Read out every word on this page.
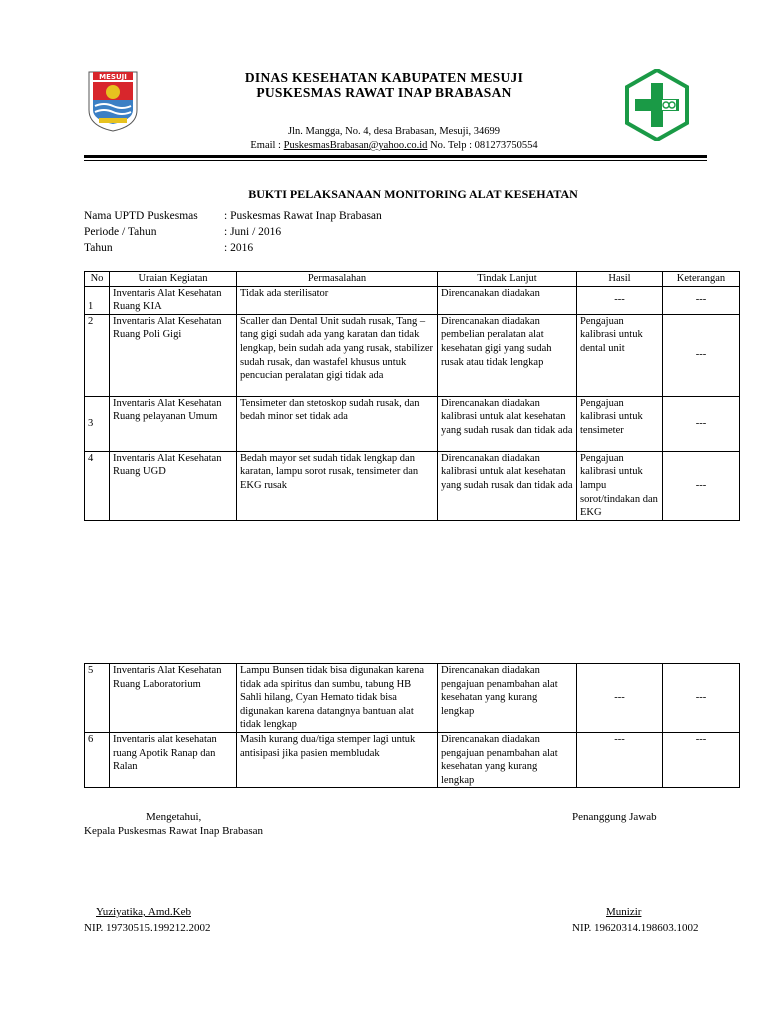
MESUJI	DINAS KESEHATAN KABUPATEN MESUJI
PUSKESMAS RAWAT INAP BRABASAN
Jln. Mangga, No. 4, desa Brabasan, Mesuji, 34699
Email : PuskesmasBrabasan@yahoo.co.id No. Telp : 081273750554
BUKTI PELAKSANAAN MONITORING ALAT KESEHATAN
Nama UPTD Puskesmas : Puskesmas Rawat Inap Brabasan
Periode / Tahun	: Juni / 2016
Tahun	: 2016
No	Uraian Kegiatan	Permasalahan	Tindak Lanjut	Hasil	Keterangan
1	Inventaris Alat Kesehatan Ruang KIA	Tidak ada sterilisator	Direncanakan diadakan	---	---
2	Inventaris Alat Kesehatan Ruang Poli Gigi	Scaller dan Dental Unit sudah rusak, Tang – tang gigi sudah ada yang karatan dan tidak lengkap, bein sudah ada yang rusak, stabilizer sudah rusak, dan wastafel khusus untuk pencucian peralatan gigi tidak ada	Direncanakan diadakan pembelian peralatan alat kesehatan gigi yang sudah rusak atau tidak lengkap	Pengajuan kalibrasi untuk dental unit	---
3	Inventaris Alat Kesehatan Ruang pelayanan Umum	Tensimeter dan stetoskop sudah rusak, dan bedah minor set tidak ada	Direncanakan diadakan kalibrasi untuk alat kesehatan yang sudah rusak dan tidak ada	Pengajuan kalibrasi untuk tensimeter	---
4	Inventaris Alat Kesehatan Ruang UGD	Bedah mayor set sudah tidak lengkap dan karatan, lampu sorot rusak, tensimeter dan EKG rusak	Direncanakan diadakan kalibrasi untuk alat kesehatan yang sudah rusak dan tidak ada	Pengajuan kalibrasi untuk lampu sorot/tindakan dan EKG	---
5	Inventaris Alat Kesehatan Ruang Laboratorium	Lampu Bunsen tidak bisa digunakan karena tidak ada spiritus dan sumbu, tabung HB Sahli hilang, Cyan Hemato tidak bisa digunakan karena datangnya bantuan alat tidak lengkap	Direncanakan diadakan pengajuan penambahan alat kesehatan yang kurang lengkap	---	---
6	Inventaris alat kesehatan ruang Apotik Ranap dan Ralan	Masih kurang dua/tiga stemper lagi untuk antisipasi jika pasien membludak	Direncanakan diadakan pengajuan penambahan alat kesehatan yang kurang lengkap	---	---
Mengetahui,
Kepala Puskesmas Rawat Inap Brabasan
Yuziyatika, Amd.Keb
NIP. 19730515.199212.2002
Penanggung Jawab
Munizir
NIP. 19620314.198603.1002
